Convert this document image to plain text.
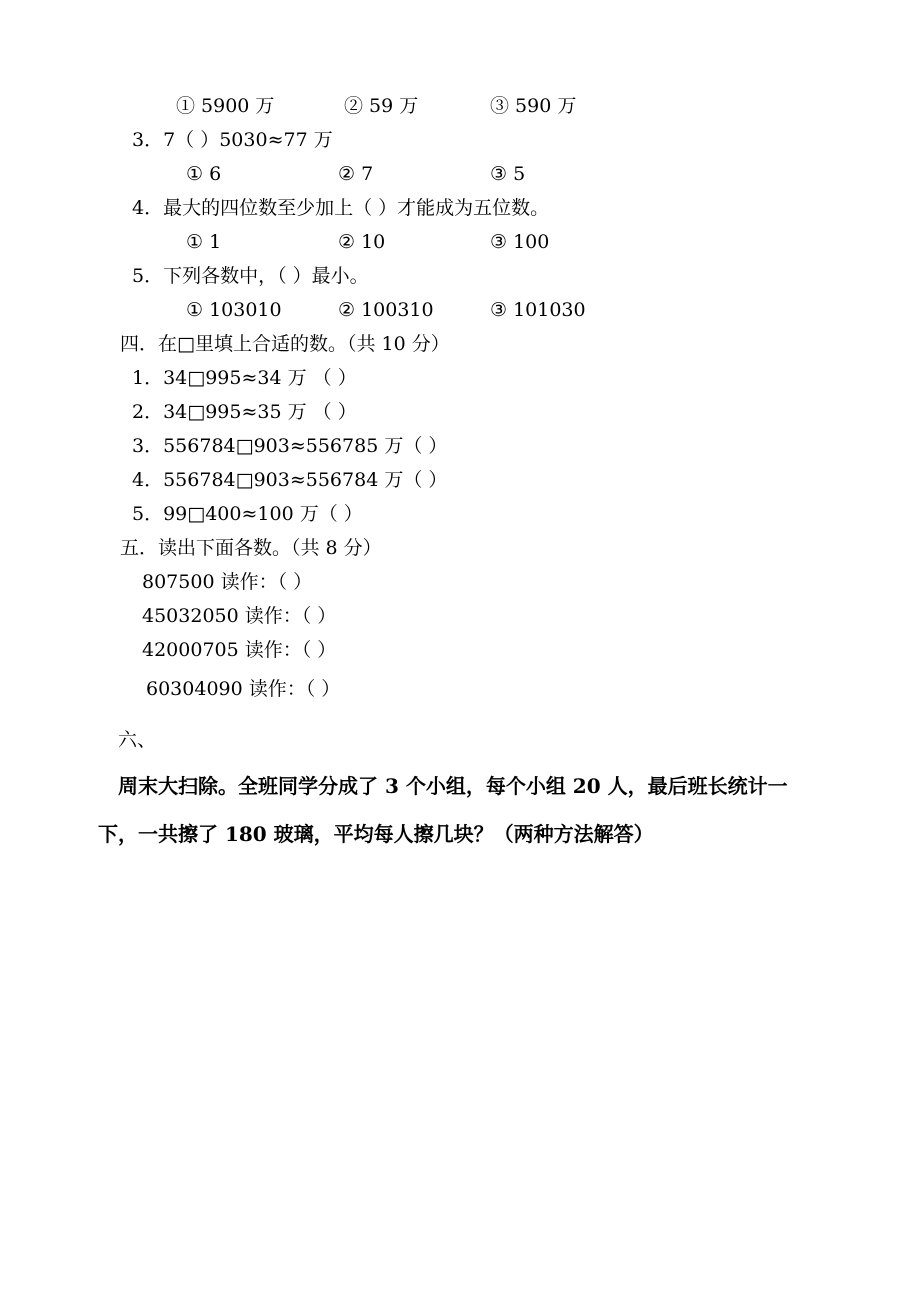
① 5900 万	② 59 万	③ 590 万
3．7（ ）5030≈77 万
① 6	② 7	③ 5
4．最大的四位数至少加上（ ）才能成为五位数。
① 1	② 10	③ 100
5．下列各数中，（ ）最小。
① 103010	② 100310	③ 101030
四．在□里填上合适的数。（共 10 分）
1．34□995≈34 万 （ ）
2．34□995≈35 万 （ ）
3．556784□903≈556785 万（ ）
4．556784□903≈556784 万（ ）
5．99□400≈100 万（ ）
五．读出下面各数。（共 8 分）
807500 读作：（ ）
45032050 读作：（ ）
42000705 读作：（ ）
60304090 读作：（ ）
六、
周末大扫除。全班同学分成了 3 个小组，每个小组 20 人，最后班长统计一
下，一共擦了 180 玻璃，平均每人擦几块？（两种方法解答）
